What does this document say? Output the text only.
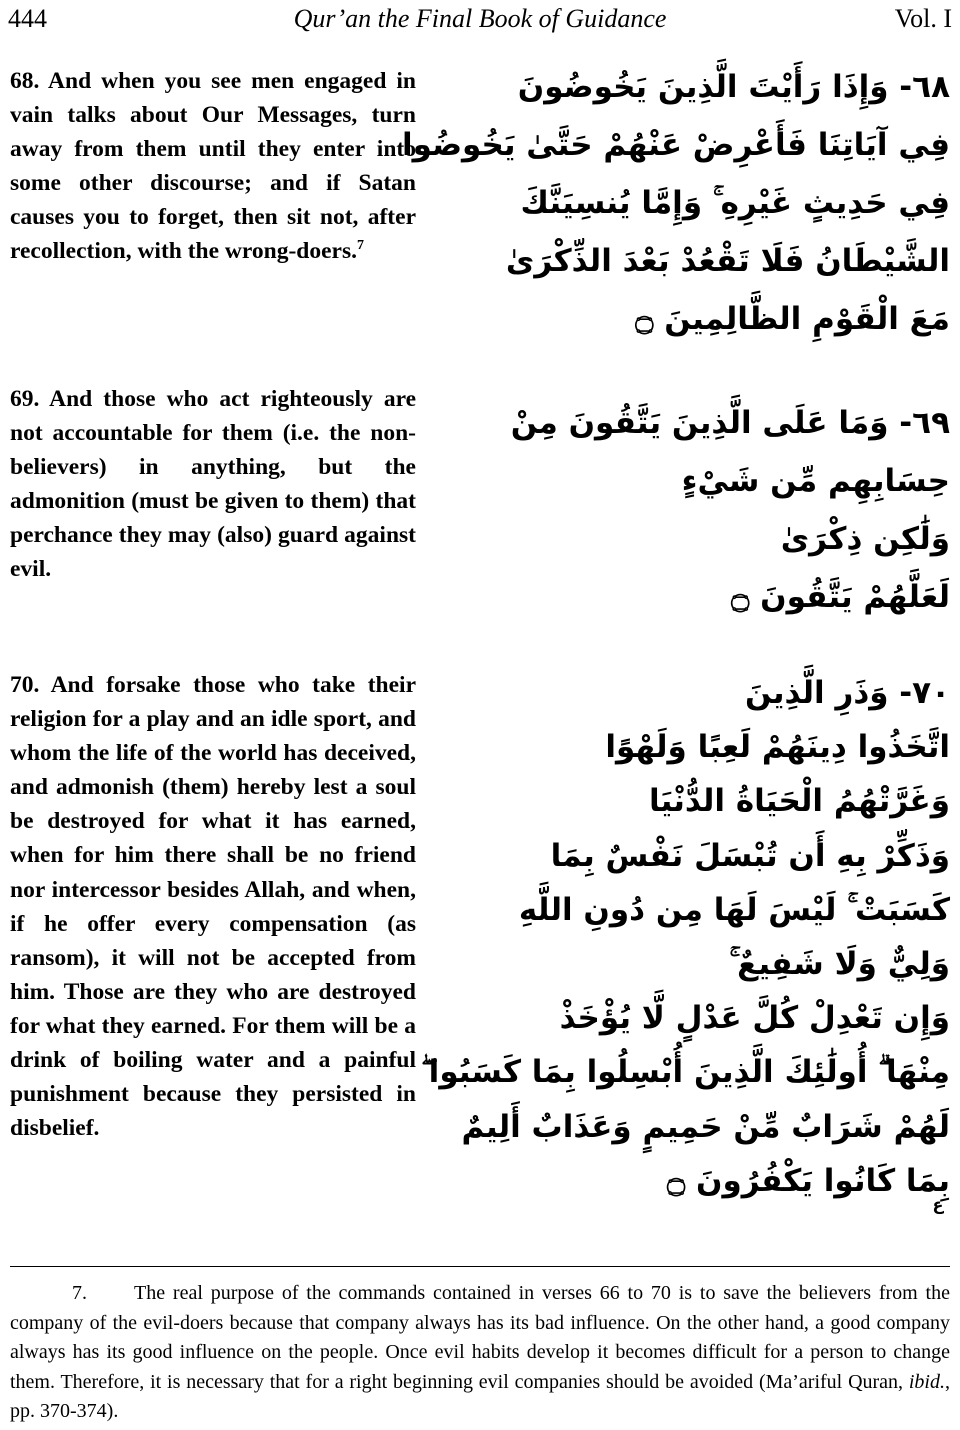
444	Qur’an the Final Book of Guidance	Vol. I

68. And when you see men engaged in vain talks about Our Messages, turn away from them until they enter into some other discourse; and if Satan causes you to forget, then sit not, after recollection, with the wrong-doers.$^7$

٦٨- وَإِذَا رَأَيْتَ الَّذِينَ يَخُوضُونَ
فِي آيَاتِنَا فَأَعْرِضْ عَنْهُمْ حَتَّىٰ يَخُوضُوا
فِي حَدِيثٍ غَيْرِهِ ۚ وَإِمَّا يُنسِيَنَّكَ
الشَّيْطَانُ فَلَا تَقْعُدْ بَعْدَ الذِّكْرَىٰ
مَعَ الْقَوْمِ الظَّالِمِينَ ۝

69. And those who act righteously are not accountable for them (i.e. the non-believers) in anything, but the admonition (must be given to them) that perchance they may (also) guard against evil.

٦٩- وَمَا عَلَى الَّذِينَ يَتَّقُونَ مِنْ
حِسَابِهِم مِّن شَيْءٍ
وَلَٰكِن ذِكْرَىٰ
لَعَلَّهُمْ يَتَّقُونَ ۝

70. And forsake those who take their religion for a play and an idle sport, and whom the life of the world has deceived, and admonish (them) hereby lest a soul be destroyed for what it has earned, when for him there shall be no friend nor intercessor besides Allah, and when, if he offer every compensation (as ransom), it will not be accepted from him. Those are they who are destroyed for what they earned. For them will be a drink of boiling water and a painful punishment because they persisted in disbelief.

٧٠- وَذَرِ الَّذِينَ
اتَّخَذُوا دِينَهُمْ لَعِبًا وَلَهْوًا
وَغَرَّتْهُمُ الْحَيَاةُ الدُّنْيَا
وَذَكِّرْ بِهِ أَن تُبْسَلَ نَفْسٌ بِمَا
كَسَبَتْ ۚ لَيْسَ لَهَا مِن دُونِ اللَّهِ
وَلِيٌّ وَلَا شَفِيعٌ ۚ
وَإِن تَعْدِلْ كُلَّ عَدْلٍ لَّا يُؤْخَذْ
مِنْهَا ۗ أُولَٰئِكَ الَّذِينَ أُبْسِلُوا بِمَا كَسَبُوا ۖ
لَهُمْ شَرَابٌ مِّنْ حَمِيمٍ وَعَذَابٌ أَلِيمٌ
بِمَا كَانُوا يَكْفُرُونَ ۝
ع

7. The real purpose of the commands contained in verses 66 to 70 is to save the believers from the company of the evil-doers because that company always has its bad influence. On the other hand, a good company always has its good influence on the people. Once evil habits develop it becomes difficult for a person to change them. Therefore, it is necessary that for a right beginning evil companies should be avoided (Ma’ariful Quran, ibid., pp. 370-374).
